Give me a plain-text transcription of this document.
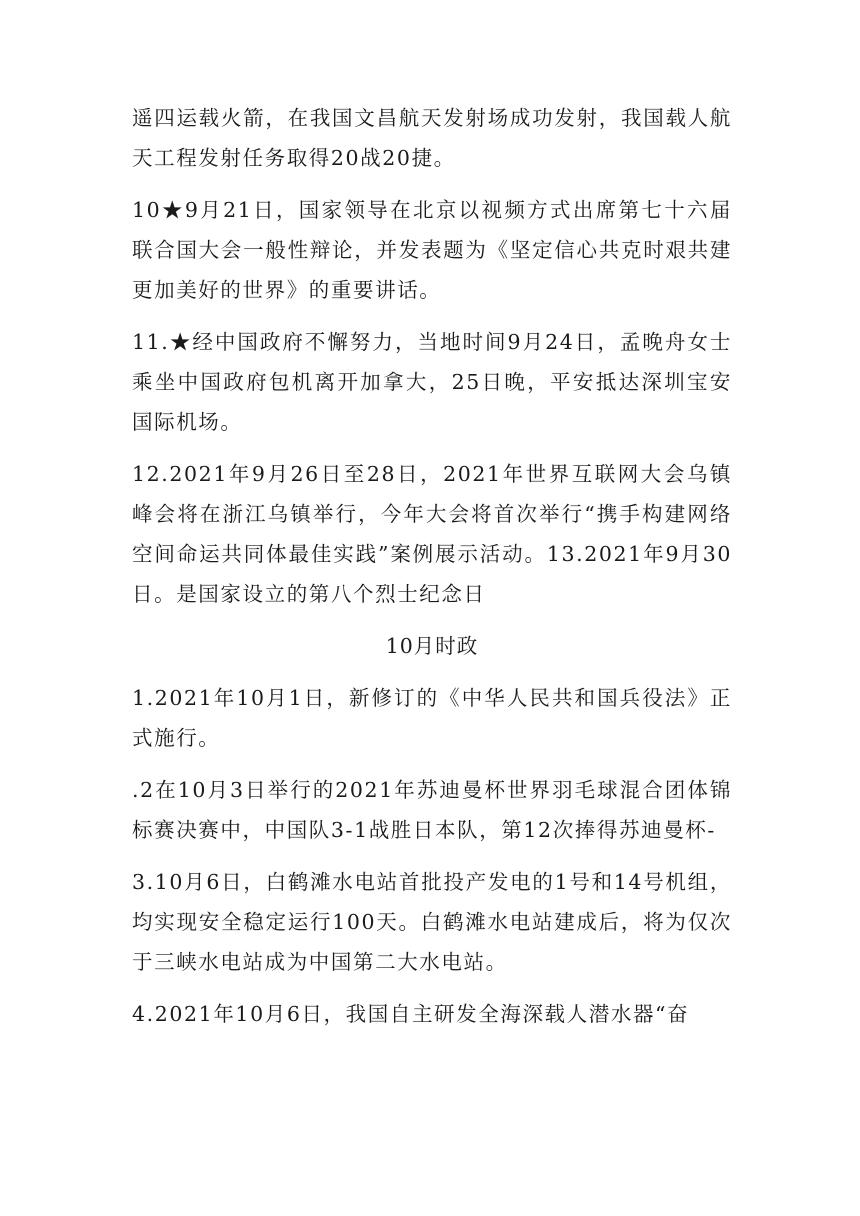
遥四运载火箭，在我国文昌航天发射场成功发射，我国载人航天工程发射任务取得20战20捷。

10★9月21日，国家领导在北京以视频方式出席第七十六届联合国大会一般性辩论，并发表题为《坚定信心共克时艰共建更加美好的世界》的重要讲话。

11.★经中国政府不懈努力，当地时间9月24日，孟晚舟女士乘坐中国政府包机离开加拿大，25日晚，平安抵达深圳宝安国际机场。

12.2021年9月26日至28日，2021年世界互联网大会乌镇峰会将在浙江乌镇举行，今年大会将首次举行“携手构建网络空间命运共同体最佳实践”案例展示活动。13.2021年9月30日。是国家设立的第八个烈士纪念日

10月时政

1.2021年10月1日，新修订的《中华人民共和国兵役法》正式施行。

.2在10月3日举行的2021年苏迪曼杯世界羽毛球混合团体锦标赛决赛中，中国队3-1战胜日本队，第12次捧得苏迪曼杯-

3.10月6日，白鹤滩水电站首批投产发电的1号和14号机组，均实现安全稳定运行100天。白鹤滩水电站建成后，将为仅次于三峡水电站成为中国第二大水电站。

4.2021年10月6日，我国自主研发全海深载人潜水器“奋
